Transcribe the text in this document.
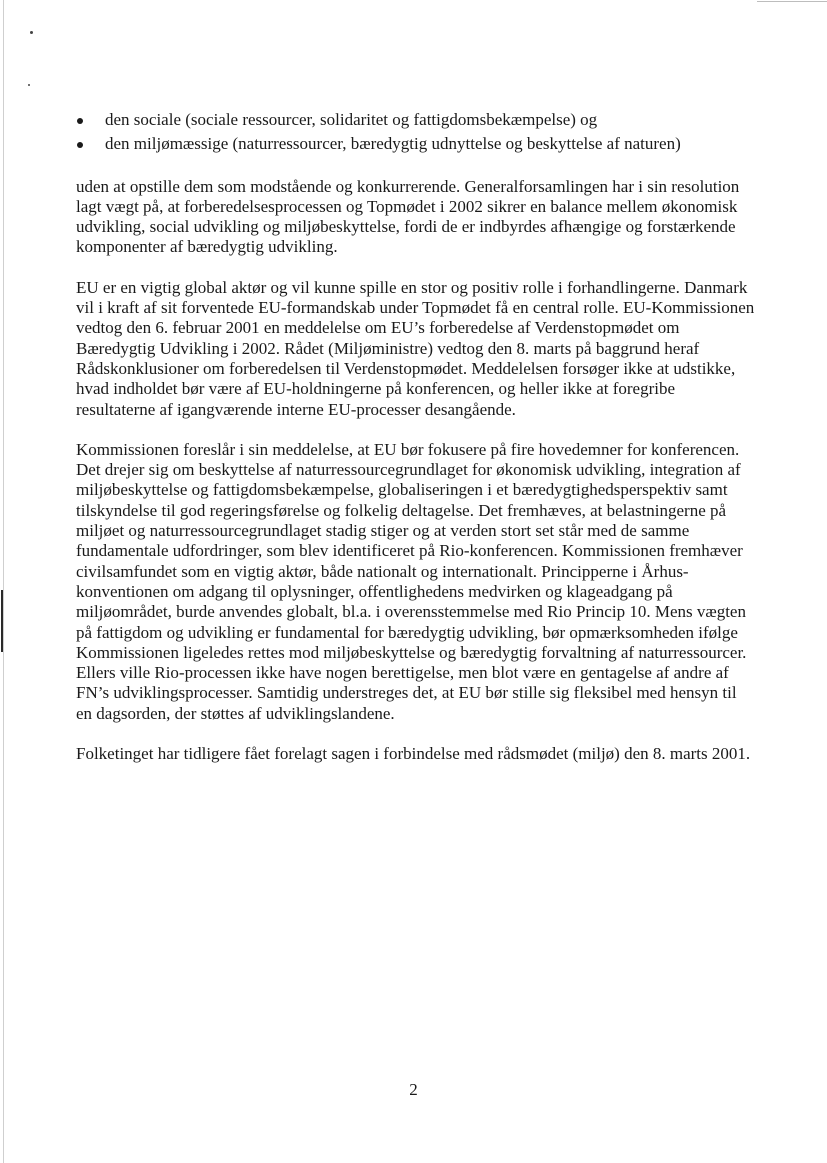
den sociale (sociale ressourcer, solidaritet og fattigdomsbekæmpelse) og
den miljømæssige (naturressourcer, bæredygtig udnyttelse og beskyttelse af naturen)

uden at opstille dem som modstående og konkurrerende. Generalforsamlingen har i sin resolution lagt vægt på, at forberedelsesprocessen og Topmødet i 2002 sikrer en balance mellem økonomisk udvikling, social udvikling og miljøbeskyttelse, fordi de er indbyrdes afhængige og forstærkende komponenter af bæredygtig udvikling.

EU er en vigtig global aktør og vil kunne spille en stor og positiv rolle i forhandlingerne. Danmark vil i kraft af sit forventede EU-formandskab under Topmødet få en central rolle. EU-Kommissionen vedtog den 6. februar 2001 en meddelelse om EU’s forberedelse af Verdenstopmødet om Bæredygtig Udvikling i 2002. Rådet (Miljøministre) vedtog den 8. marts på baggrund heraf Rådskonklusioner om forberedelsen til Verdenstopmødet. Meddelelsen forsøger ikke at udstikke, hvad indholdet bør være af EU-holdningerne på konferencen, og heller ikke at foregribe resultaterne af igangværende interne EU-processer desangående.

Kommissionen foreslår i sin meddelelse, at EU bør fokusere på fire hovedemner for konferencen. Det drejer sig om beskyttelse af naturressourcegrundlaget for økonomisk udvikling, integration af miljøbeskyttelse og fattigdomsbekæmpelse, globaliseringen i et bæredygtighedsperspektiv samt tilskyndelse til god regeringsførelse og folkelig deltagelse. Det fremhæves, at belastningerne på miljøet og naturressourcegrundlaget stadig stiger og at verden stort set står med de samme fundamentale udfordringer, som blev identificeret på Rio-konferencen. Kommissionen fremhæver civilsamfundet som en vigtig aktør, både nationalt og internationalt. Principperne i Århus-konventionen om adgang til oplysninger, offentlighedens medvirken og klageadgang på miljøområdet, burde anvendes globalt, bl.a. i overensstemmelse med Rio Princip 10. Mens vægten på fattigdom og udvikling er fundamental for bæredygtig udvikling, bør opmærksomheden ifølge Kommissionen ligeledes rettes mod miljøbeskyttelse og bæredygtig forvaltning af naturressourcer. Ellers ville Rio-processen ikke have nogen berettigelse, men blot være en gentagelse af andre af FN’s udviklingsprocesser. Samtidig understreges det, at EU bør stille sig fleksibel med hensyn til en dagsorden, der støttes af udviklingslandene.

Folketinget har tidligere fået forelagt sagen i forbindelse med rådsmødet (miljø) den 8. marts 2001.

2
